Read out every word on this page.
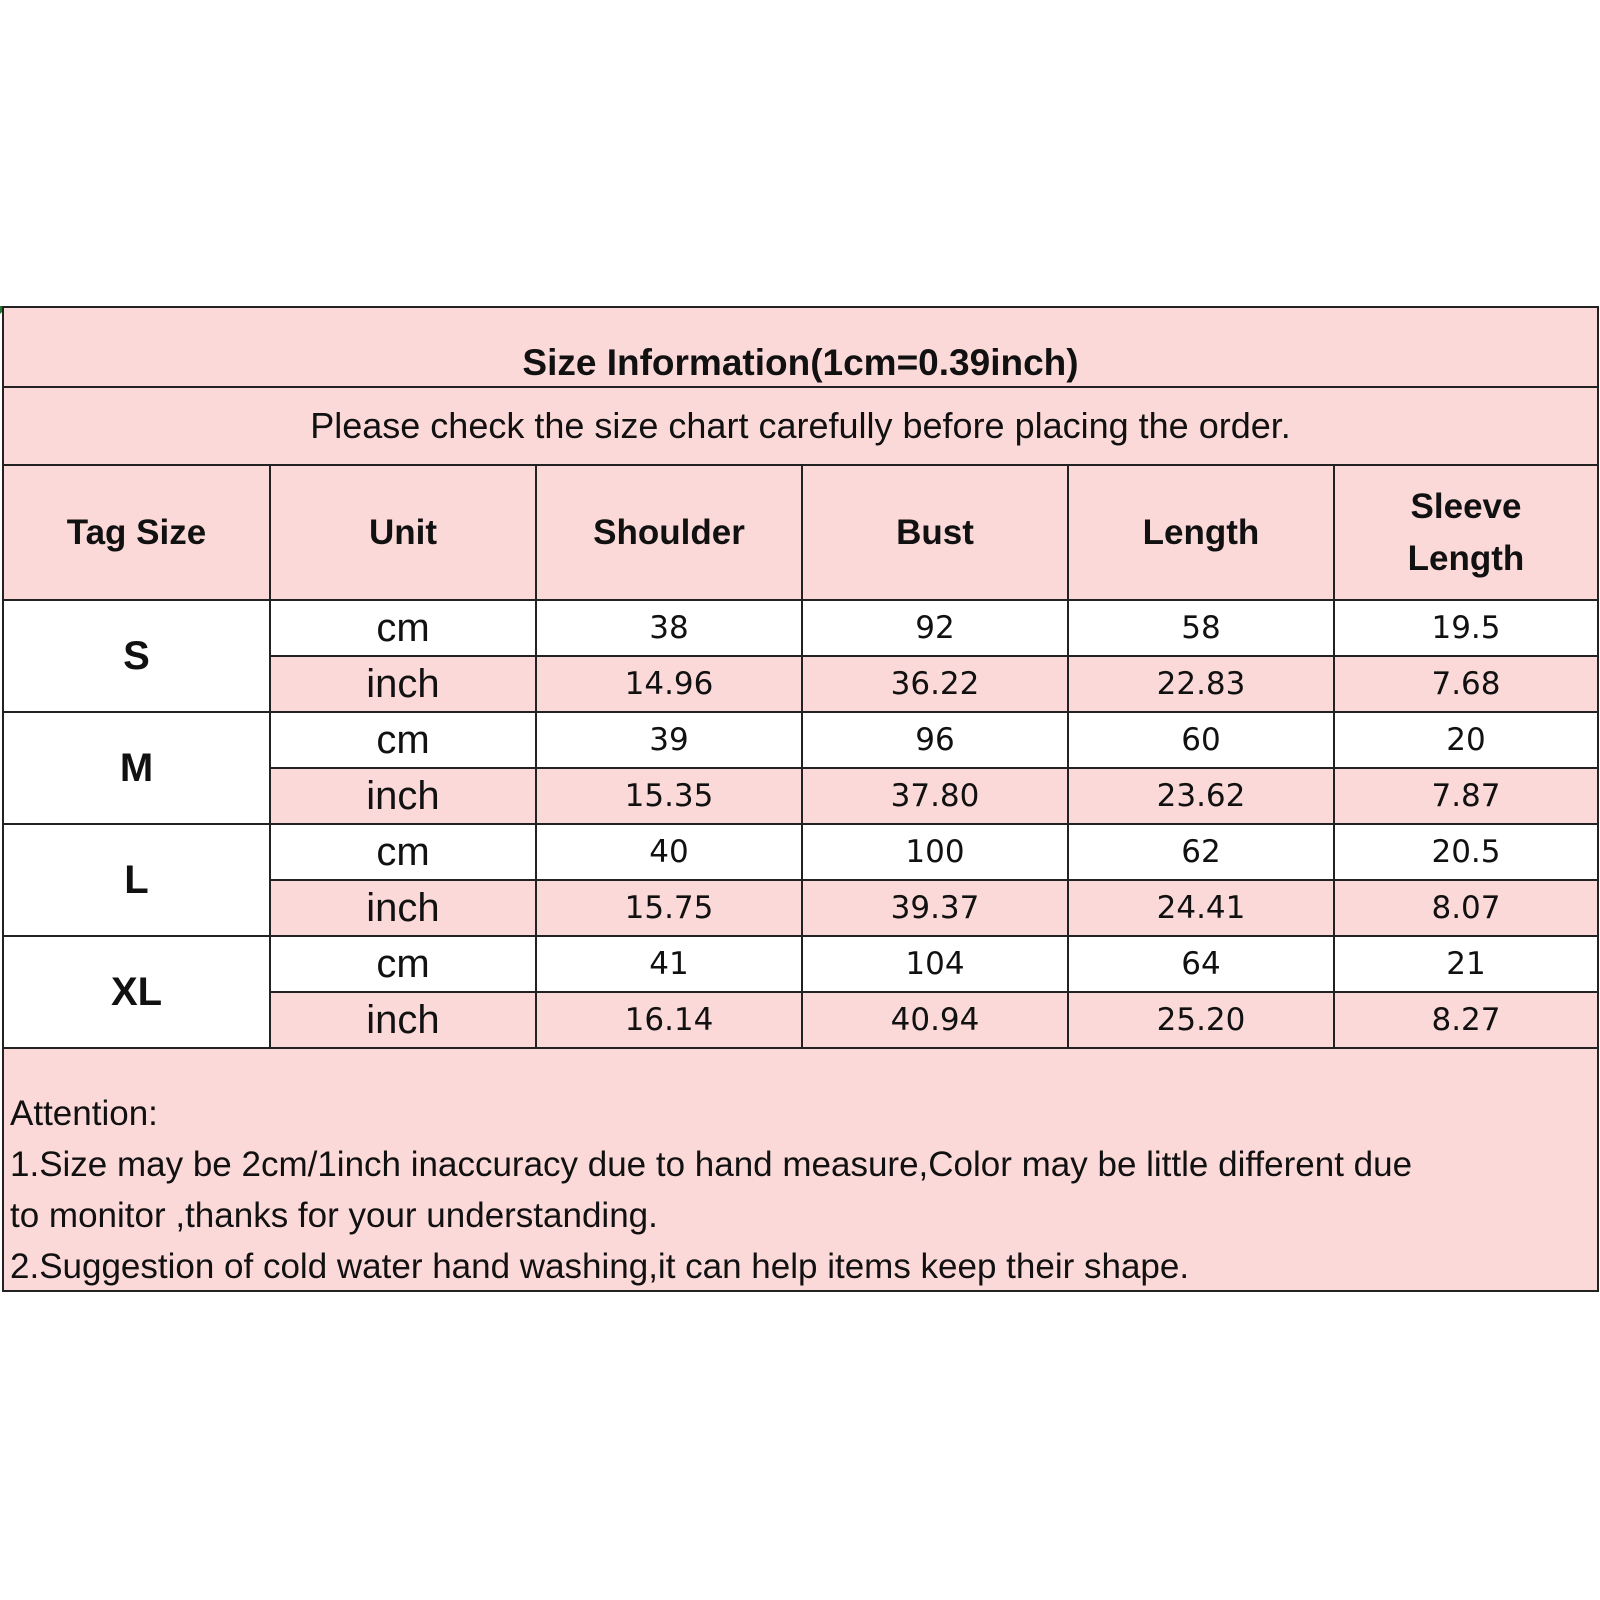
Size Information(1cm=0.39inch)
Please check the size chart carefully before placing the order.
Tag Size	Unit	Shoulder	Bust	Length	Sleeve Length
S	cm	38	92	58	19.5
	inch	14.96	36.22	22.83	7.68
M	cm	39	96	60	20
	inch	15.35	37.80	23.62	7.87
L	cm	40	100	62	20.5
	inch	15.75	39.37	24.41	8.07
XL	cm	41	104	64	21
	inch	16.14	40.94	25.20	8.27
Attention:
1.Size may be 2cm/1inch inaccuracy due to hand measure,Color may be little different due
to monitor ,thanks for your understanding.
2.Suggestion of cold water hand washing,it can help items keep their shape.
